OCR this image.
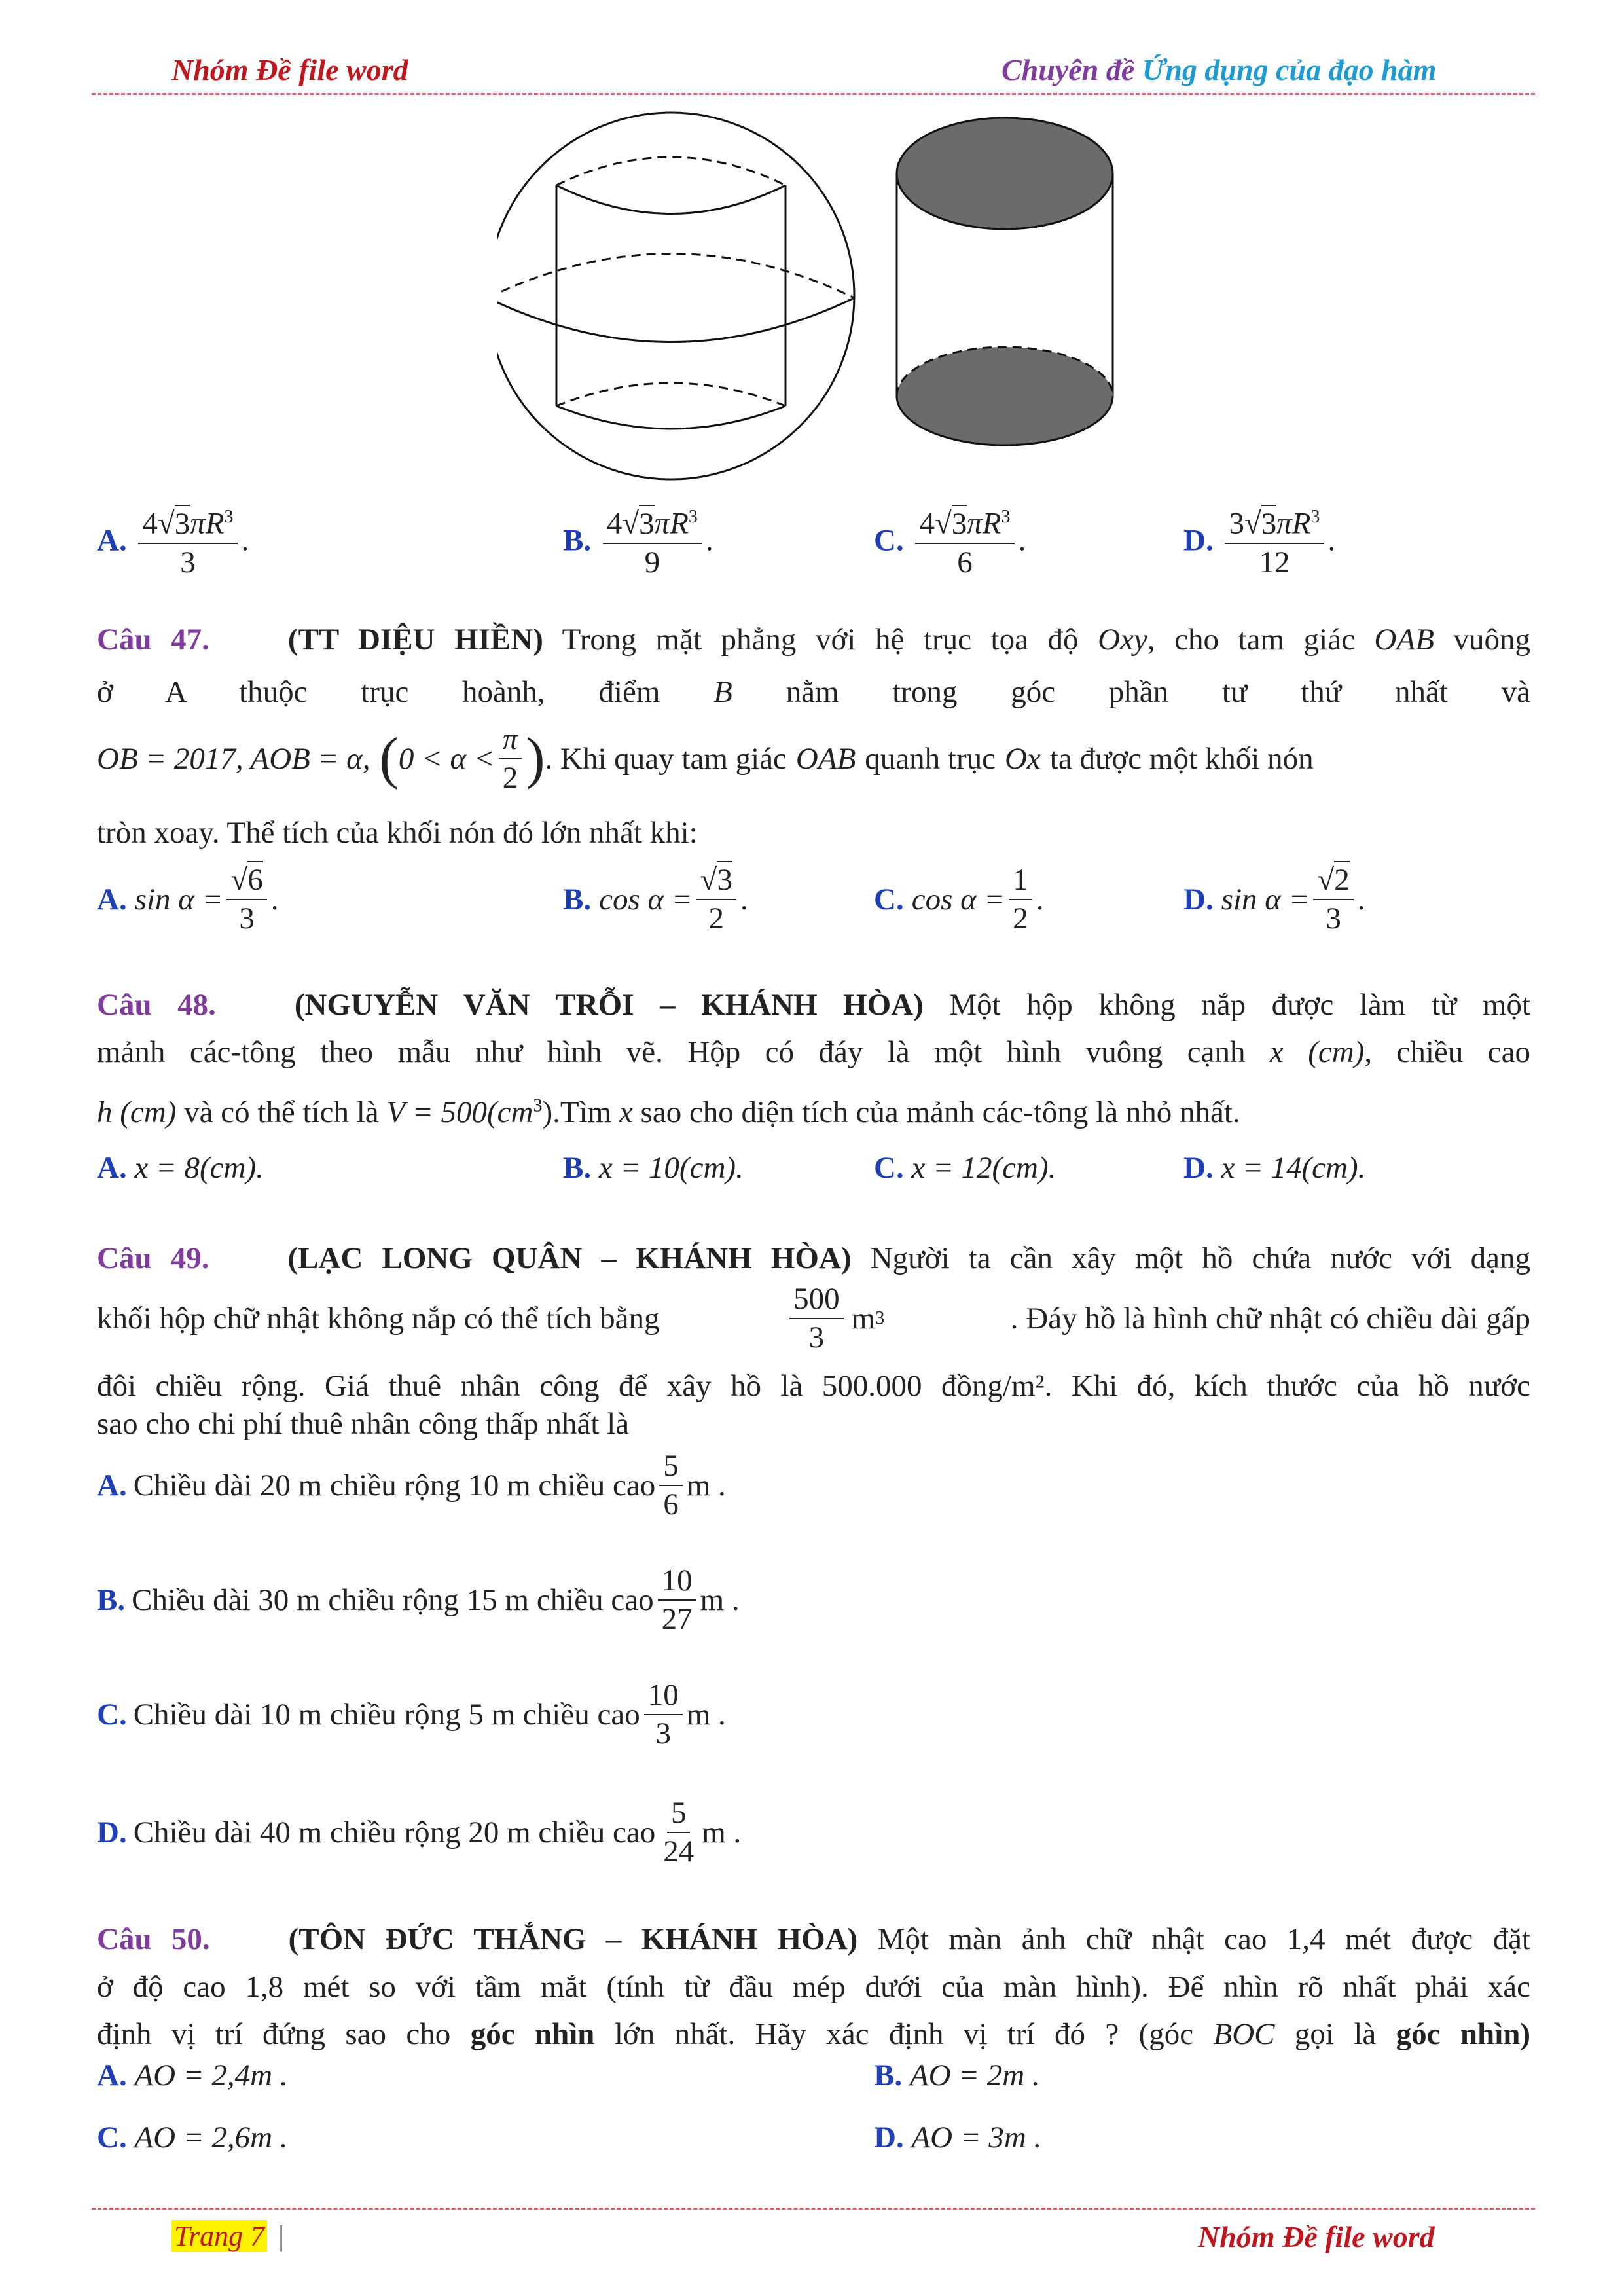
Nhóm Đề file word	Chuyên đề Ứng dụng của đạo hàm
A. $\frac{4√3\pi R^3}{3}$ .	B. $\frac{4√3\pi R^3}{9}$ .	C. $\frac{4√3\pi R^3}{6}$ .	D. $\frac{3√3\pi R^3}{12}$ .
Câu 47.	(TT DIỆU HIỀN) Trong mặt phẳng với hệ trục tọa độ Oxy, cho tam giác OAB vuông
ở A thuộc trục hoành, điểm B nằm trong góc phần tư thứ nhất và
OB = 2017, AOB = α, ( $0 < \alpha < \frac{\pi}{2}$ ) . Khi quay tam giác OAB quanh trục Ox ta được một khối nón
tròn xoay. Thể tích của khối nón đó lớn nhất khi:
A. $\sin \alpha = \frac{√6}{3}$ .	B. $\cos \alpha = \frac{√3}{2}$ .	C. $\cos \alpha = \frac{1}{2}$ .	D. $\sin \alpha = \frac{√2}{3}$ .
Câu 48.	(NGUYỄN VĂN TRỖI – KHÁNH HÒA) Một hộp không nắp được làm từ một
mảnh các-tông theo mẫu như hình vẽ. Hộp có đáy là một hình vuông cạnh x (cm), chiều cao
h (cm) và có thể tích là $V = 500(cm^3).Tìm$ x sao cho diện tích của mảnh các-tông là nhỏ nhất.
A. x = 8(cm).	B. x = 10(cm).	C. x = 12(cm).	D. x = 14(cm).
Câu 49.	(LẠC LONG QUÂN – KHÁNH HÒA) Người ta cần xây một hồ chứa nước với dạng
khối hộp chữ nhật không nắp có thể tích bằng	$\frac{500}{3}$ m 3	. Đáy hồ là hình chữ nhật có chiều dài gấp
đôi chiều rộng. Giá thuê nhân công để xây hồ là 500.000 đồng/m². Khi đó, kích thước của hồ nước
sao cho chi phí thuê nhân công thấp nhất là
A. Chiều dài 20 m chiều rộng 10 m chiều cao $\frac{5}{6}$ m .
B. Chiều dài 30 m chiều rộng 15 m chiều cao $\frac{10}{27}$ m .
C. Chiều dài 10 m chiều rộng 5 m chiều cao $\frac{10}{3}$ m .
D. Chiều dài 40 m chiều rộng 20 m chiều cao $\frac{5}{24}$ m .
Câu 50.	(TÔN ĐỨC THẮNG – KHÁNH HÒA) Một màn ảnh chữ nhật cao 1,4 mét được đặt
ở độ cao 1,8 mét so với tầm mắt (tính từ đầu mép dưới của màn hình). Để nhìn rõ nhất phải xác
định vị trí đứng sao cho góc nhìn lớn nhất. Hãy xác định vị trí đó ? (góc BOC gọi là góc nhìn)
A. AO = 2,4m .	B. AO = 2m .
C. AO = 2,6m .	D. AO = 3m .
Trang 7 |	Nhóm Đề file word
